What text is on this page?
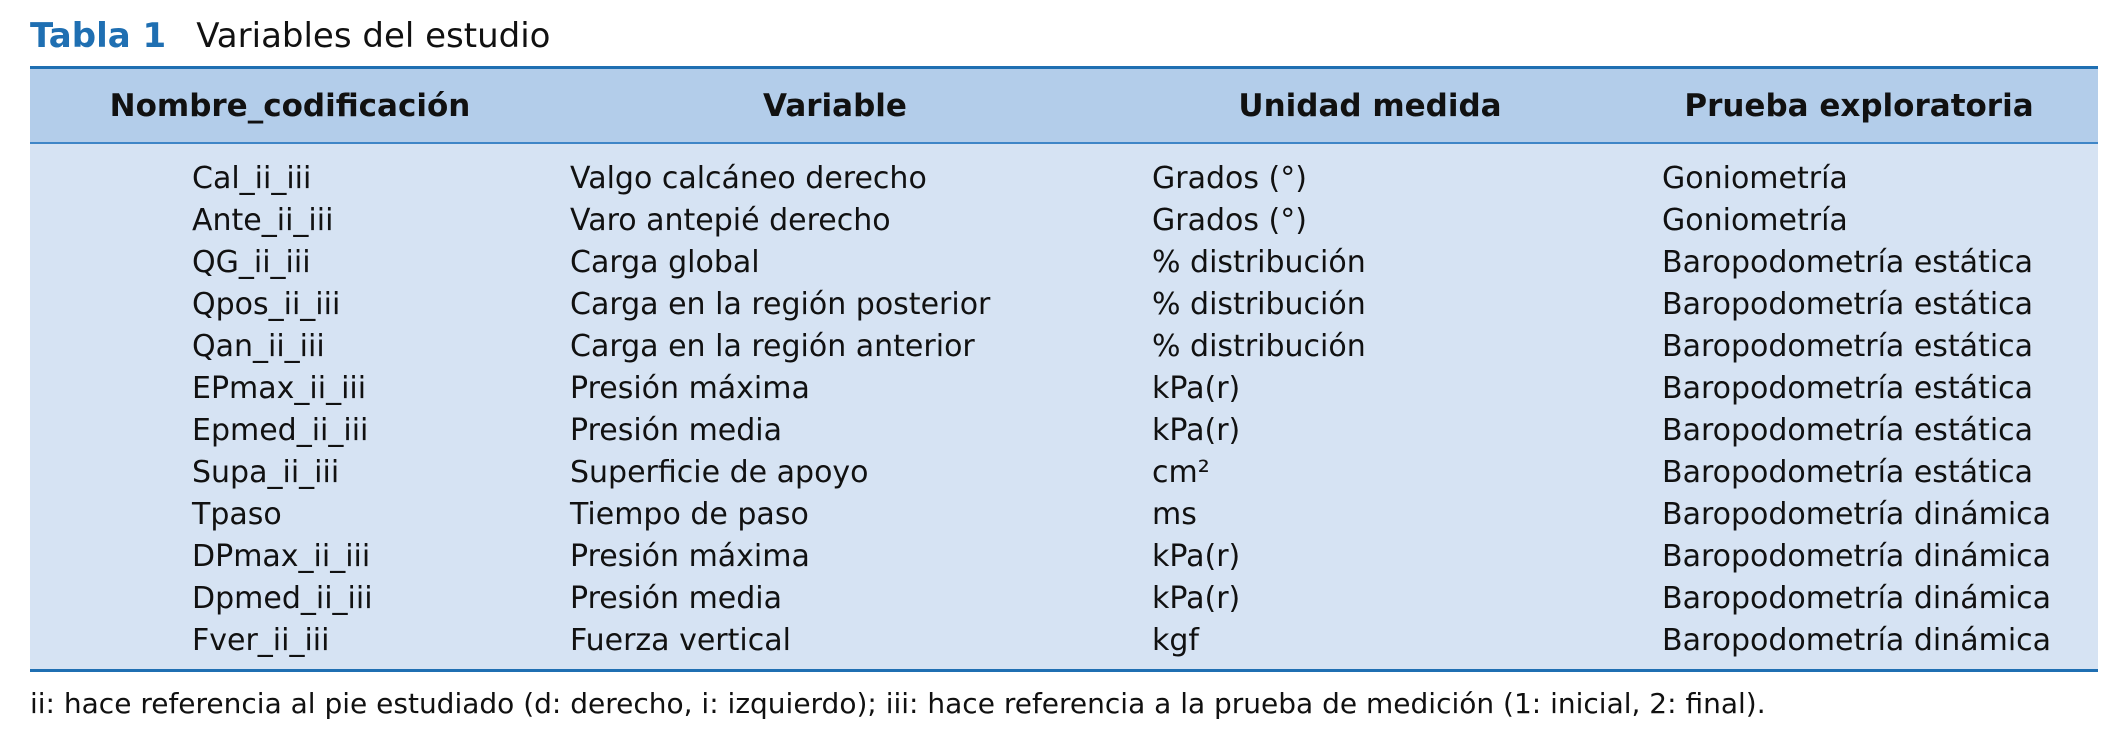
Tabla 1 Variables del estudio
Nombre_codificación	Variable	Unidad medida	Prueba exploratoria
Cal_ii_iii	Valgo calcáneo derecho	Grados (°)	Goniometría
Ante_ii_iii	Varo antepié derecho	Grados (°)	Goniometría
QG_ii_iii	Carga global	% distribución	Baropodometría estática
Qpos_ii_iii	Carga en la región posterior	% distribución	Baropodometría estática
Qan_ii_iii	Carga en la región anterior	% distribución	Baropodometría estática
EPmax_ii_iii	Presión máxima	kPa(r)	Baropodometría estática
Epmed_ii_iii	Presión media	kPa(r)	Baropodometría estática
Supa_ii_iii	Superficie de apoyo	cm²	Baropodometría estática
Tpaso	Tiempo de paso	ms	Baropodometría dinámica
DPmax_ii_iii	Presión máxima	kPa(r)	Baropodometría dinámica
Dpmed_ii_iii	Presión media	kPa(r)	Baropodometría dinámica
Fver_ii_iii	Fuerza vertical	kgf	Baropodometría dinámica
ii: hace referencia al pie estudiado (d: derecho, i: izquierdo); iii: hace referencia a la prueba de medición (1: inicial, 2: final).
